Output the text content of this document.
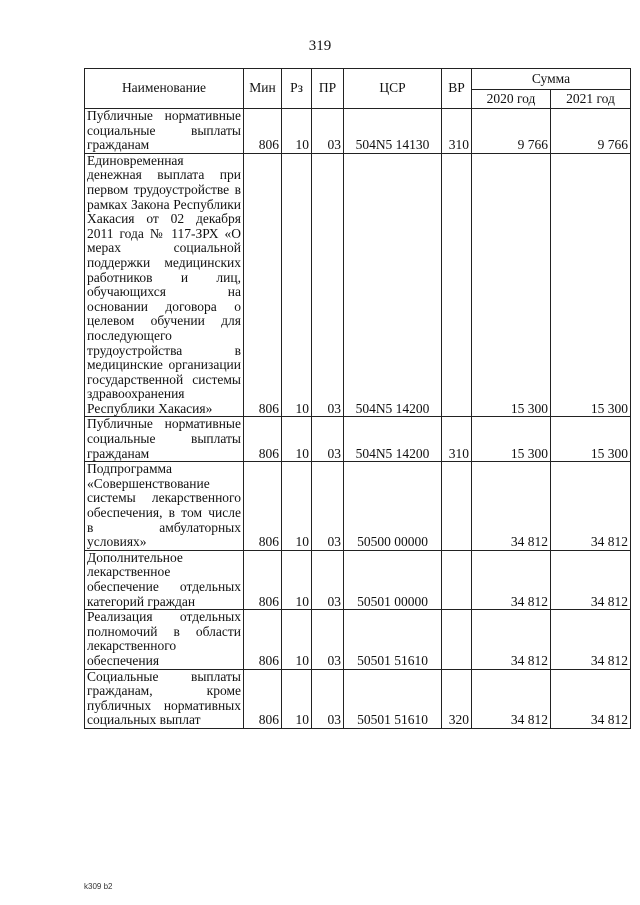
319
Наименование	Мин	Рз	ПР	ЦСР	ВР	Сумма	
						2020 год	2021 год
Публичные нормативные социальные выплаты гражданам	806	10	03	504N5 14130	310	9 766	9 766
Единовременная денежная выплата при первом трудоустройстве в рамках Закона Республики Хакасия от 02 декабря 2011 года № 117-ЗРХ «О мерах социальной поддержки медицинских работников и лиц, обучающихся на основании договора о целевом обучении для последующего трудоустройства в медицинские организации государственной системы здравоохранения Республики Хакасия»	806	10	03	504N5 14200		15 300	15 300
Публичные нормативные социальные выплаты гражданам	806	10	03	504N5 14200	310	15 300	15 300
Подпрограмма «Совершенствование системы лекарственного обеспечения, в том числе в амбулаторных условиях»	806	10	03	50500 00000		34 812	34 812
Дополнительное лекарственное обеспечение отдельных категорий граждан	806	10	03	50501 00000		34 812	34 812
Реализация отдельных полномочий в области лекарственного обеспечения	806	10	03	50501 51610		34 812	34 812
Социальные выплаты гражданам, кроме публичных нормативных социальных выплат	806	10	03	50501 51610	320	34 812	34 812
k309 b2
